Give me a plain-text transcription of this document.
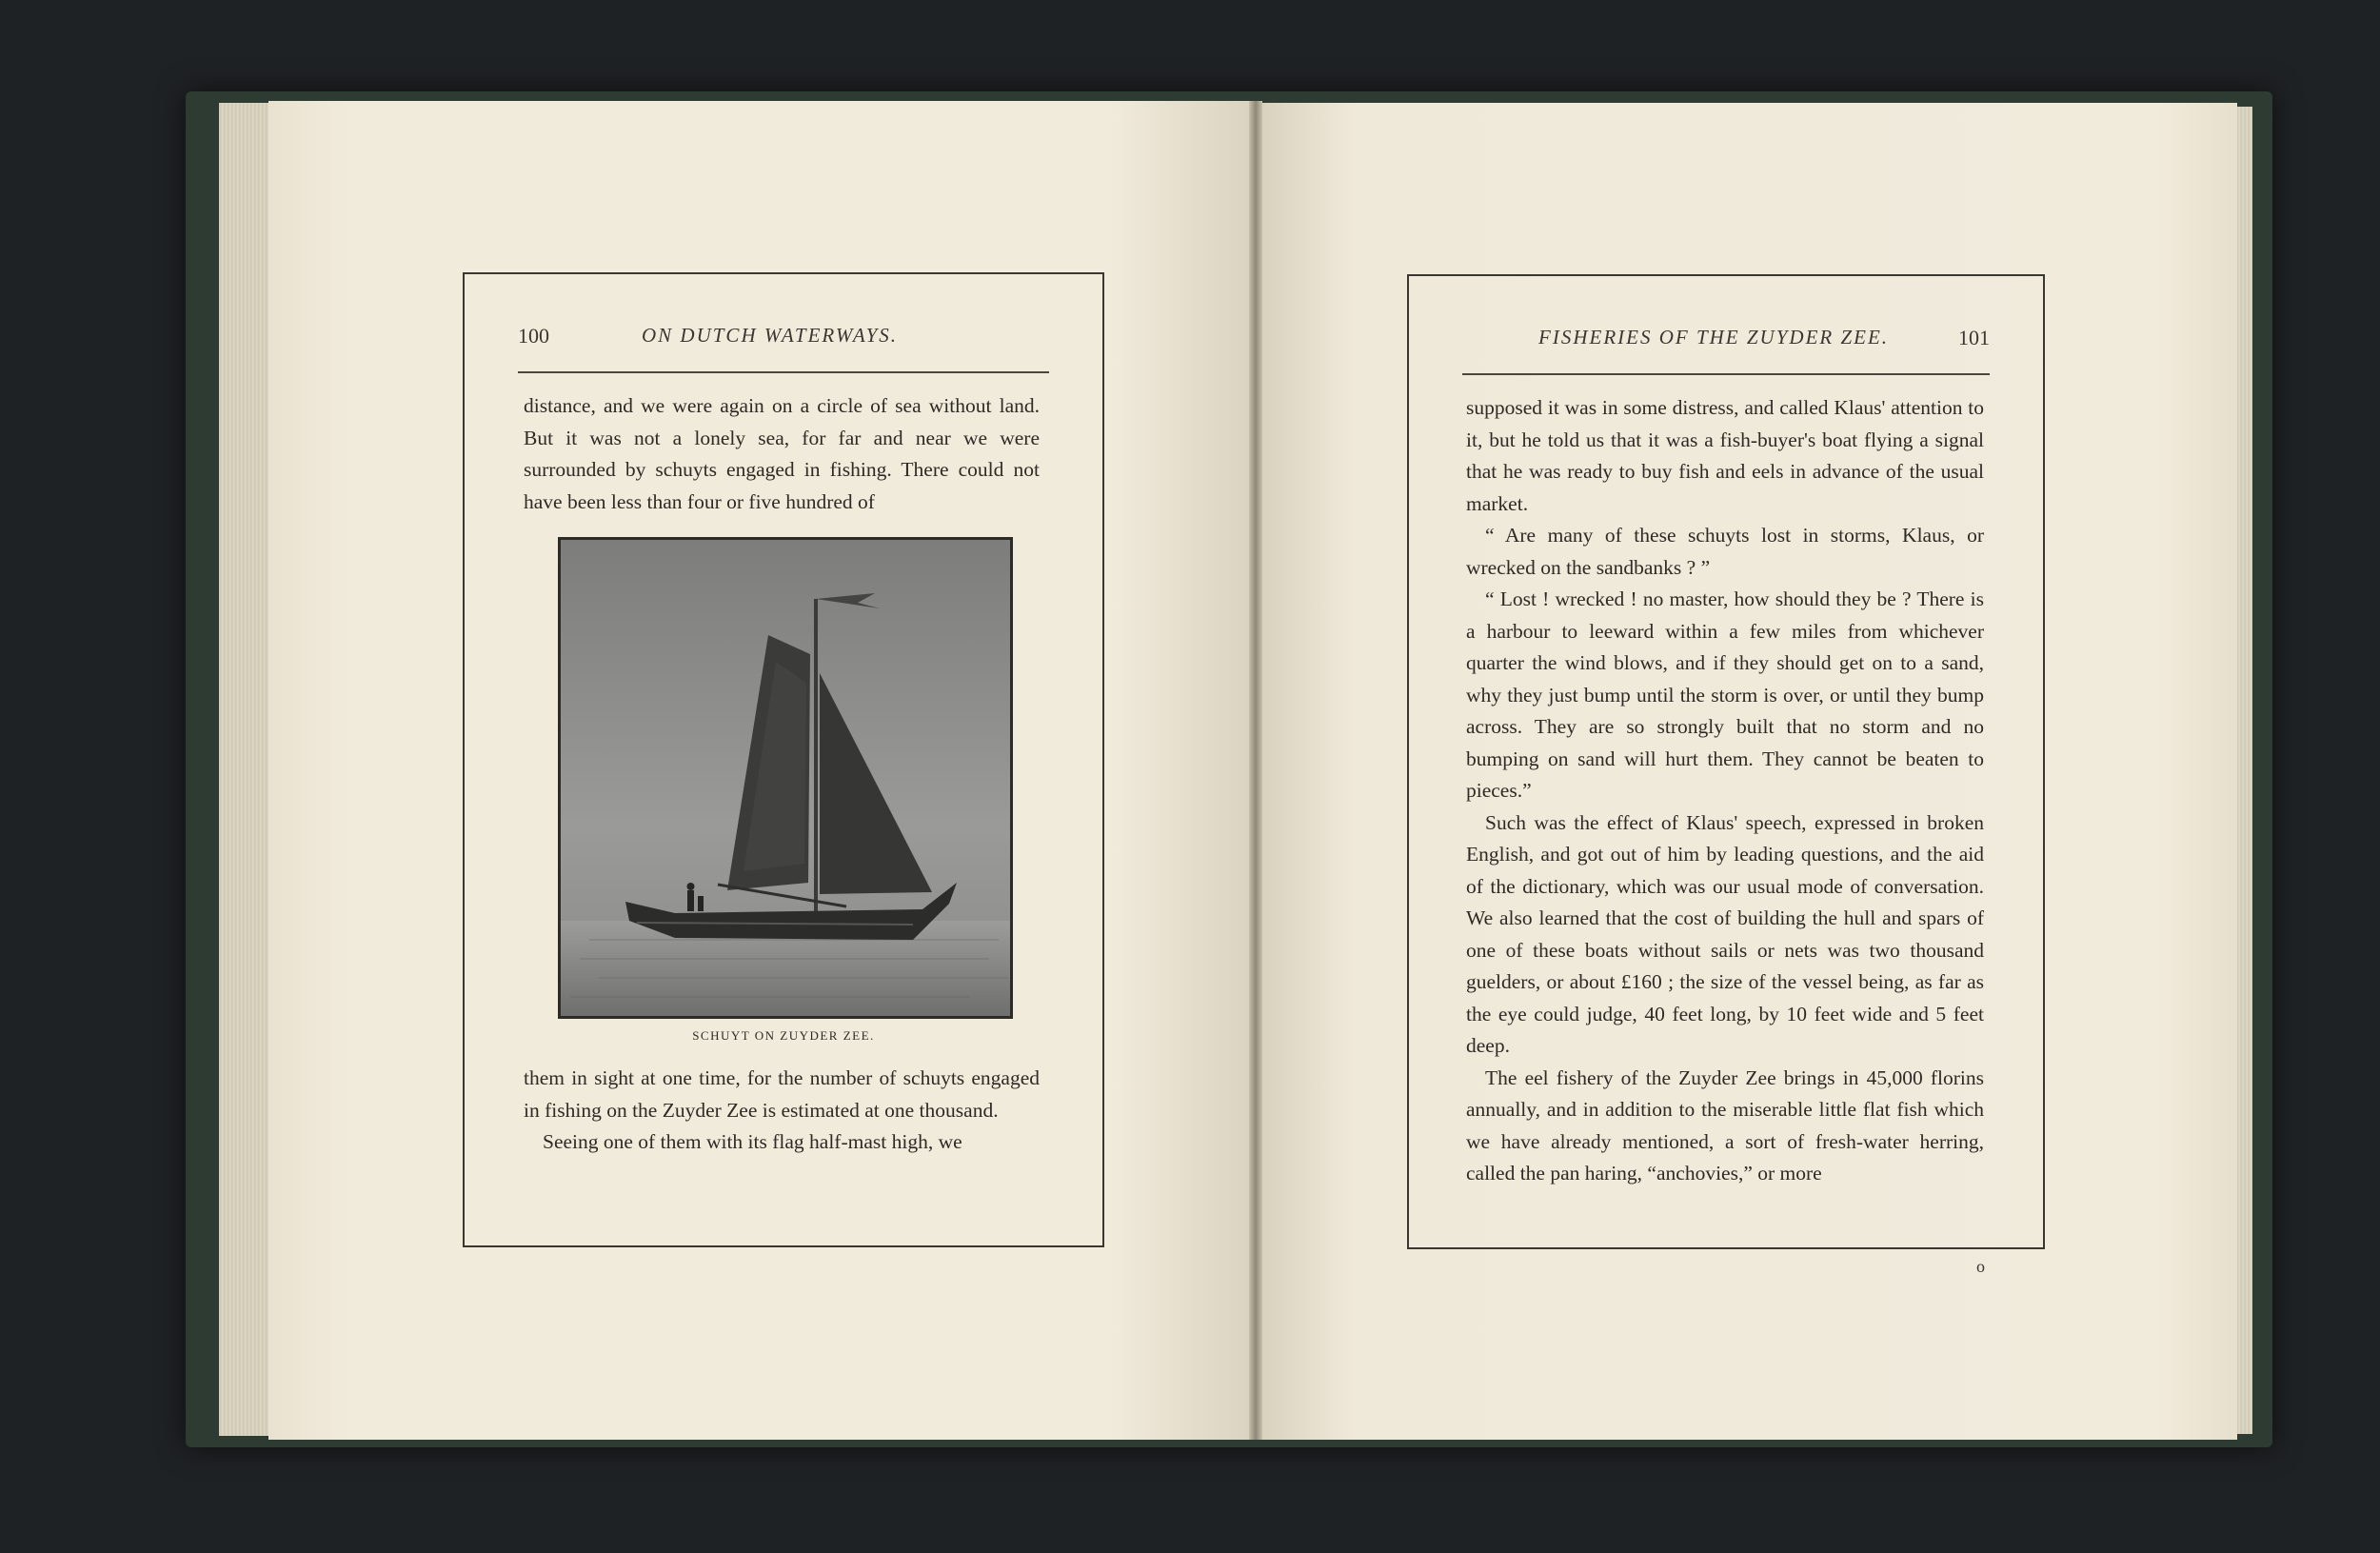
100	ON DUTCH WATERWAYS.

distance, and we were again on a circle of sea without land. But it was not a lonely sea, for far and near we were surrounded by schuyts engaged in fishing. There could not have been less than four or five hundred of

SCHUYT ON ZUYDER ZEE.

them in sight at one time, for the number of schuyts engaged in fishing on the Zuyder Zee is estimated at one thousand.

Seeing one of them with its flag half-mast high, we

FISHERIES OF THE ZUYDER ZEE.	101

supposed it was in some distress, and called Klaus' attention to it, but he told us that it was a fish-buyer's boat flying a signal that he was ready to buy fish and eels in advance of the usual market.

“ Are many of these schuyts lost in storms, Klaus, or wrecked on the sandbanks ? ”

“ Lost ! wrecked ! no master, how should they be ? There is a harbour to leeward within a few miles from whichever quarter the wind blows, and if they should get on to a sand, why they just bump until the storm is over, or until they bump across. They are so strongly built that no storm and no bumping on sand will hurt them. They cannot be beaten to pieces.”

Such was the effect of Klaus' speech, expressed in broken English, and got out of him by leading questions, and the aid of the dictionary, which was our usual mode of conversation. We also learned that the cost of building the hull and spars of one of these boats without sails or nets was two thousand guelders, or about £160 ; the size of the vessel being, as far as the eye could judge, 40 feet long, by 10 feet wide and 5 feet deep.

The eel fishery of the Zuyder Zee brings in 45,000 florins annually, and in addition to the miserable little flat fish which we have already mentioned, a sort of fresh-water herring, called the pan haring, “anchovies,” or more

o
